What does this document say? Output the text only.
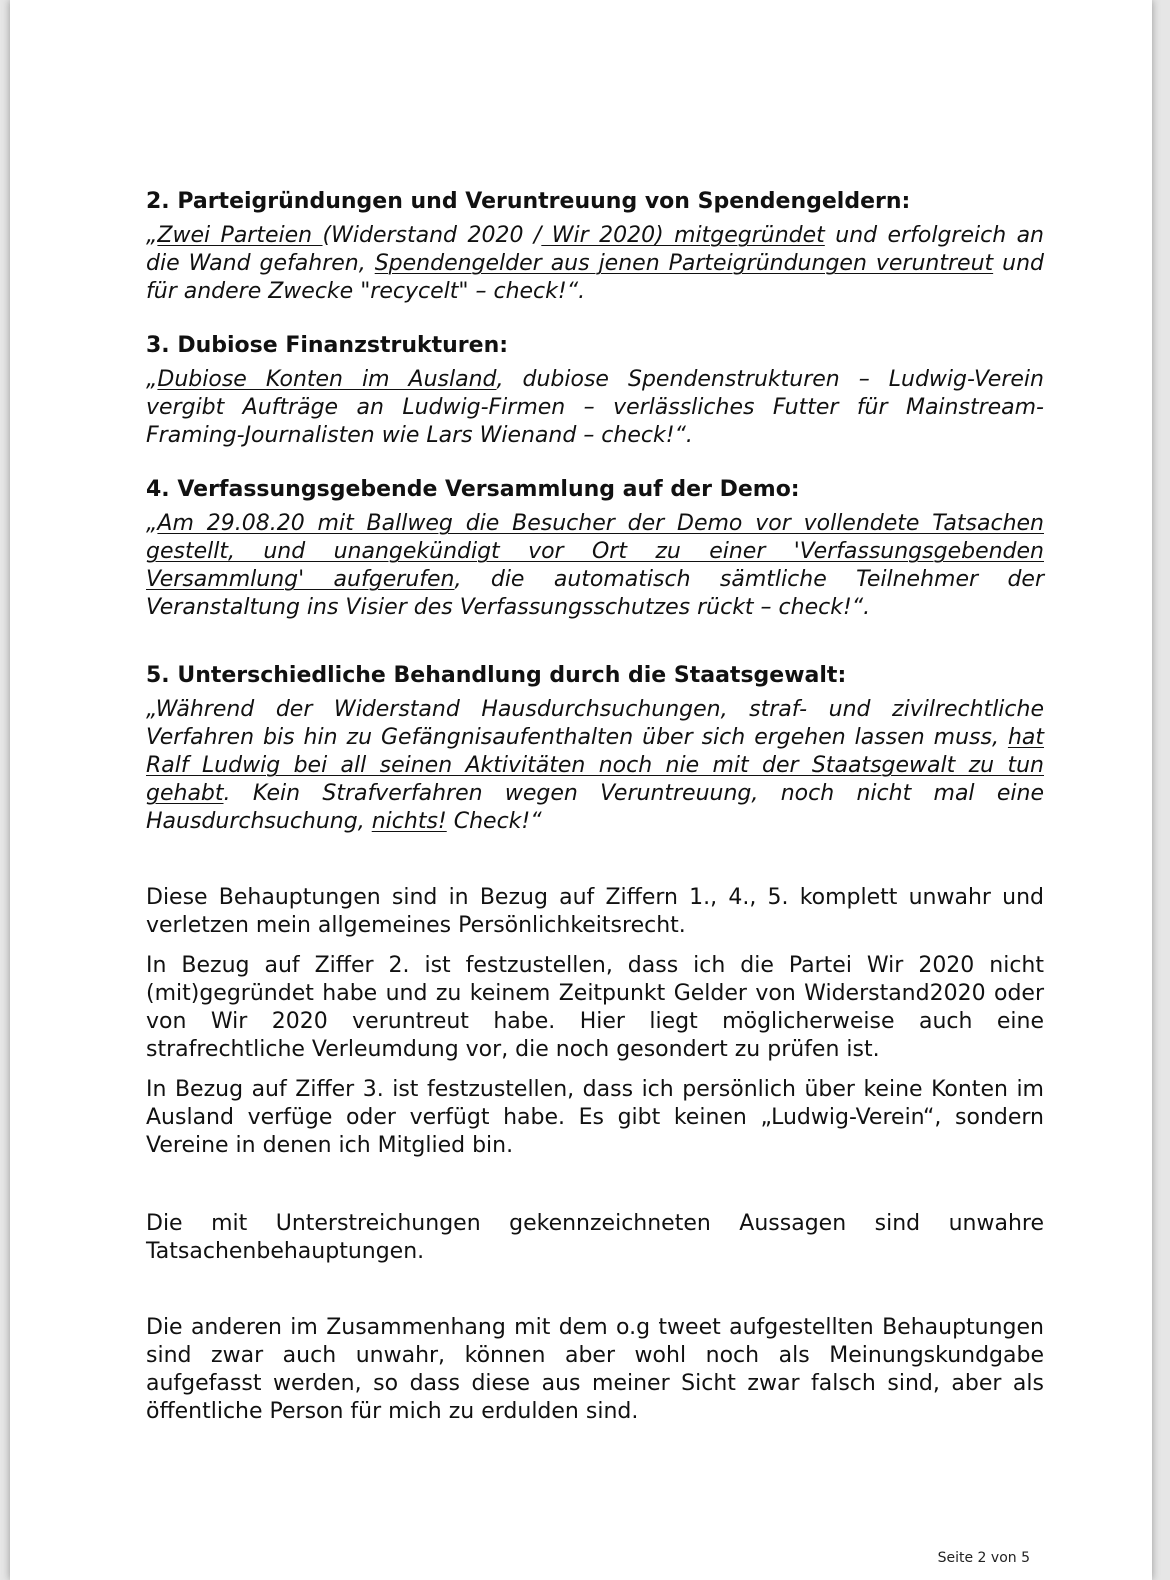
2. Parteigründungen und Veruntreuung von Spendengeldern:

„Zwei Parteien (Widerstand 2020 / Wir 2020) mitgegründet und erfolgreich an die Wand gefahren, Spendengelder aus jenen Parteigründungen veruntreut und für andere Zwecke "recycelt" – check!“.

3. Dubiose Finanzstrukturen:

„Dubiose Konten im Ausland, dubiose Spendenstrukturen – Ludwig-Verein vergibt Aufträge an Ludwig-Firmen – verlässliches Futter für Mainstream-Framing-Journalisten wie Lars Wienand – check!“.

4. Verfassungsgebende Versammlung auf der Demo:

„Am 29.08.20 mit Ballweg die Besucher der Demo vor vollendete Tatsachen gestellt, und unangekündigt vor Ort zu einer 'Verfassungsgebenden Versammlung' aufgerufen, die automatisch sämtliche Teilnehmer der Veranstaltung ins Visier des Verfassungsschutzes rückt – check!“.

5. Unterschiedliche Behandlung durch die Staatsgewalt:

„Während der Widerstand Hausdurchsuchungen, straf- und zivilrechtliche Verfahren bis hin zu Gefängnisaufenthalten über sich ergehen lassen muss, hat Ralf Ludwig bei all seinen Aktivitäten noch nie mit der Staatsgewalt zu tun gehabt. Kein Strafverfahren wegen Veruntreuung, noch nicht mal eine Hausdurchsuchung, nichts! Check!“

Diese Behauptungen sind in Bezug auf Ziffern 1., 4., 5. komplett unwahr und verletzen mein allgemeines Persönlichkeitsrecht.

In Bezug auf Ziffer 2. ist festzustellen, dass ich die Partei Wir 2020 nicht (mit)gegründet habe und zu keinem Zeitpunkt Gelder von Widerstand2020 oder von Wir 2020 veruntreut habe. Hier liegt möglicherweise auch eine strafrechtliche Verleumdung vor, die noch gesondert zu prüfen ist.

In Bezug auf Ziffer 3. ist festzustellen, dass ich persönlich über keine Konten im Ausland verfüge oder verfügt habe. Es gibt keinen „Ludwig-Verein“, sondern Vereine in denen ich Mitglied bin.

Die mit Unterstreichungen gekennzeichneten Aussagen sind unwahre Tatsachenbehauptungen.

Die anderen im Zusammenhang mit dem o.g tweet aufgestellten Behauptungen sind zwar auch unwahr, können aber wohl noch als Meinungskundgabe aufgefasst werden, so dass diese aus meiner Sicht zwar falsch sind, aber als öffentliche Person für mich zu erdulden sind.

Seite 2 von 5
